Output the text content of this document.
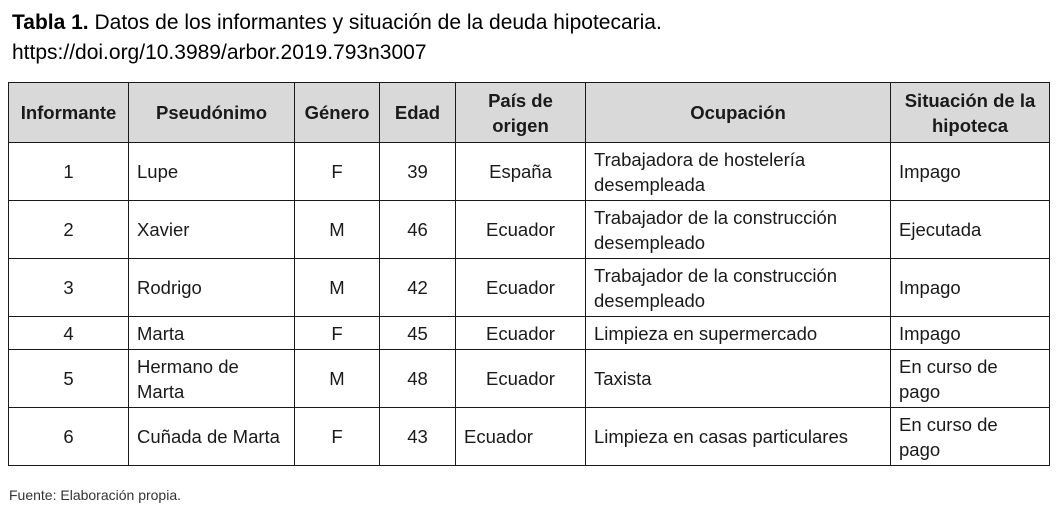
Tabla 1. Datos de los informantes y situación de la deuda hipotecaria.
https://doi.org/10.3989/arbor.2019.793n3007
Informante	Pseudónimo	Género	Edad	País de origen	Ocupación	Situación de la hipoteca
1	Lupe	F	39	España	Trabajadora de hostelería desempleada	Impago
2	Xavier	M	46	Ecuador	Trabajador de la construcción desempleado	Ejecutada
3	Rodrigo	M	42	Ecuador	Trabajador de la construcción desempleado	Impago
4	Marta	F	45	Ecuador	Limpieza en supermercado	Impago
5	Hermano de Marta	M	48	Ecuador	Taxista	En curso de pago
6	Cuñada de Marta	F	43	Ecuador	Limpieza en casas particulares	En curso de pago
Fuente: Elaboración propia.
